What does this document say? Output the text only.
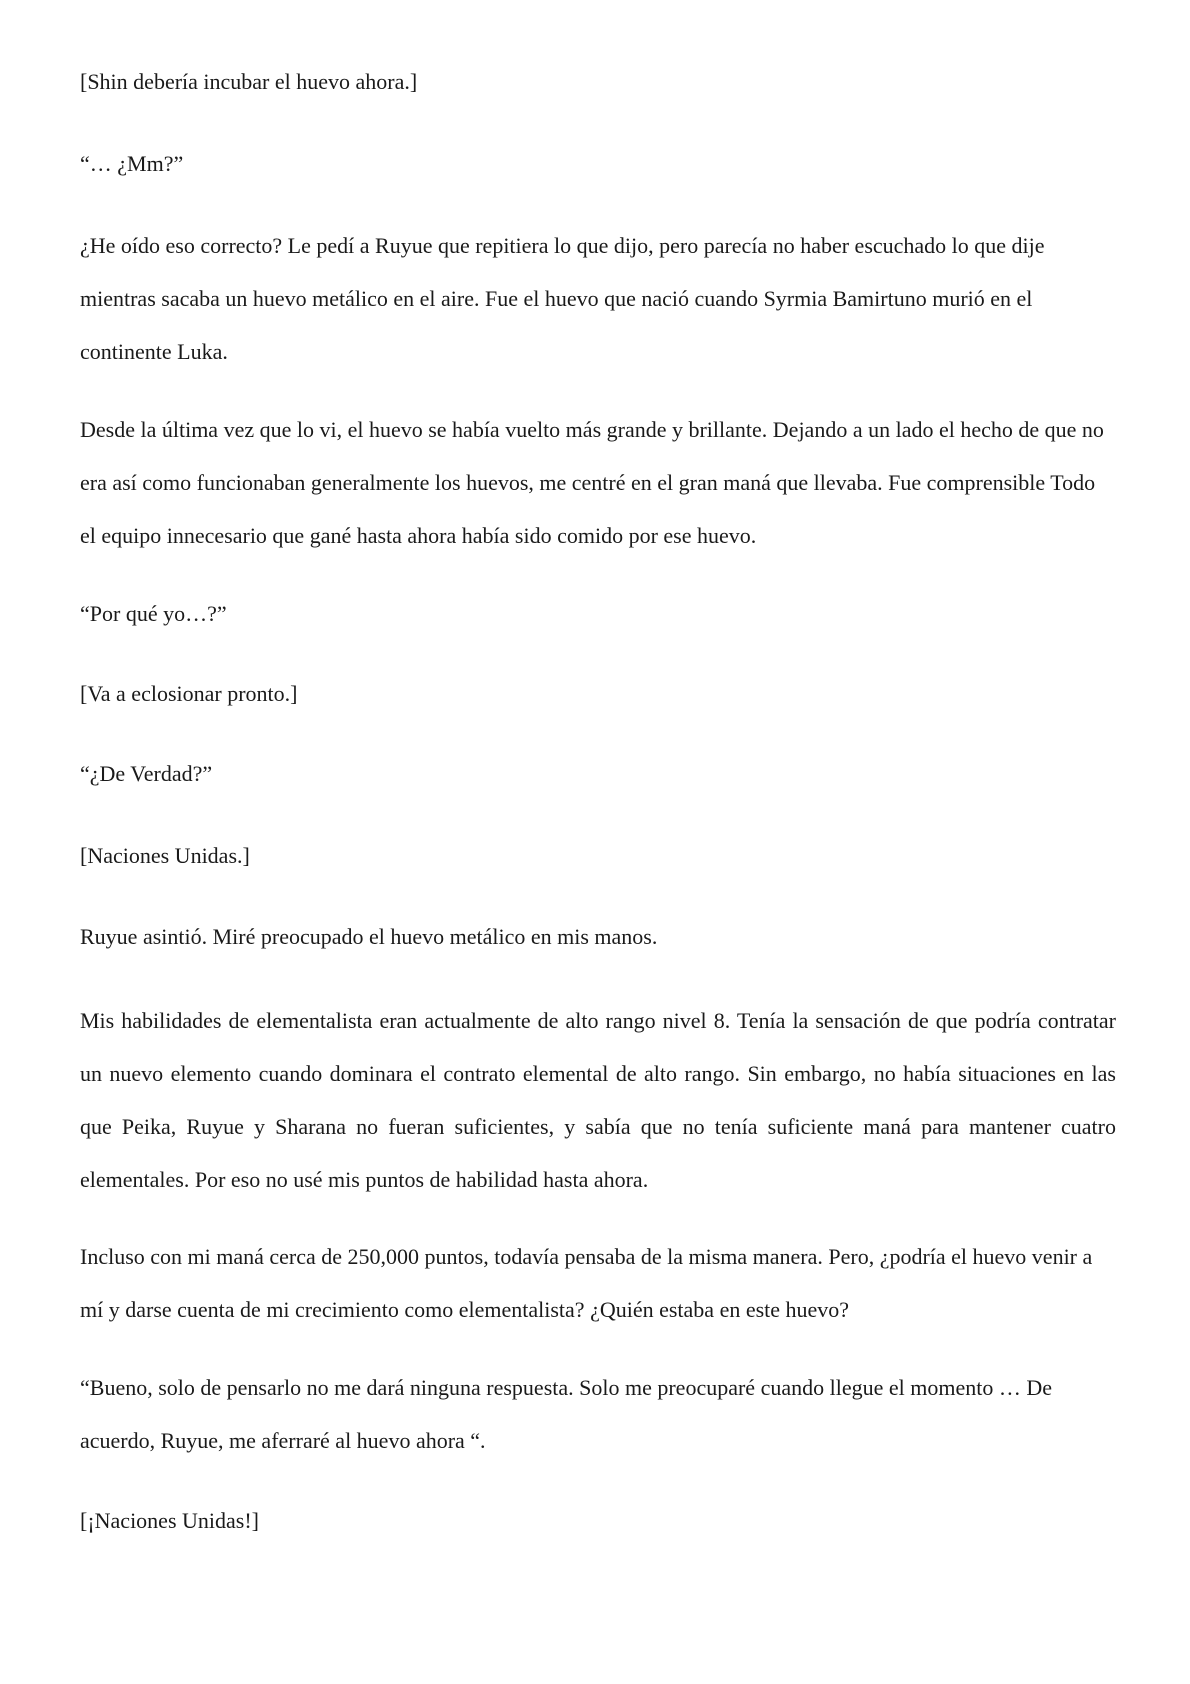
[Shin debería incubar el huevo ahora.]

“… ¿Mm?”

¿He oído eso correcto? Le pedí a Ruyue que repitiera lo que dijo, pero parecía no haber escuchado lo que dije mientras sacaba un huevo metálico en el aire. Fue el huevo que nació cuando Syrmia Bamirtuno murió en el continente Luka.

Desde la última vez que lo vi, el huevo se había vuelto más grande y brillante. Dejando a un lado el hecho de que no era así como funcionaban generalmente los huevos, me centré en el gran maná que llevaba. Fue comprensible Todo el equipo innecesario que gané hasta ahora había sido comido por ese huevo.

“Por qué yo…?”

[Va a eclosionar pronto.]

“¿De Verdad?”

[Naciones Unidas.]

Ruyue asintió. Miré preocupado el huevo metálico en mis manos.

Mis habilidades de elementalista eran actualmente de alto rango nivel 8. Tenía la sensación de que podría contratar un nuevo elemento cuando dominara el contrato elemental de alto rango. Sin embargo, no había situaciones en las que Peika, Ruyue y Sharana no fueran suficientes, y sabía que no tenía suficiente maná para mantener cuatro elementales. Por eso no usé mis puntos de habilidad hasta ahora.

Incluso con mi maná cerca de 250,000 puntos, todavía pensaba de la misma manera. Pero, ¿podría el huevo venir a mí y darse cuenta de mi crecimiento como elementalista? ¿Quién estaba en este huevo?

“Bueno, solo de pensarlo no me dará ninguna respuesta. Solo me preocuparé cuando llegue el momento … De acuerdo, Ruyue, me aferraré al huevo ahora “.

[¡Naciones Unidas!]
